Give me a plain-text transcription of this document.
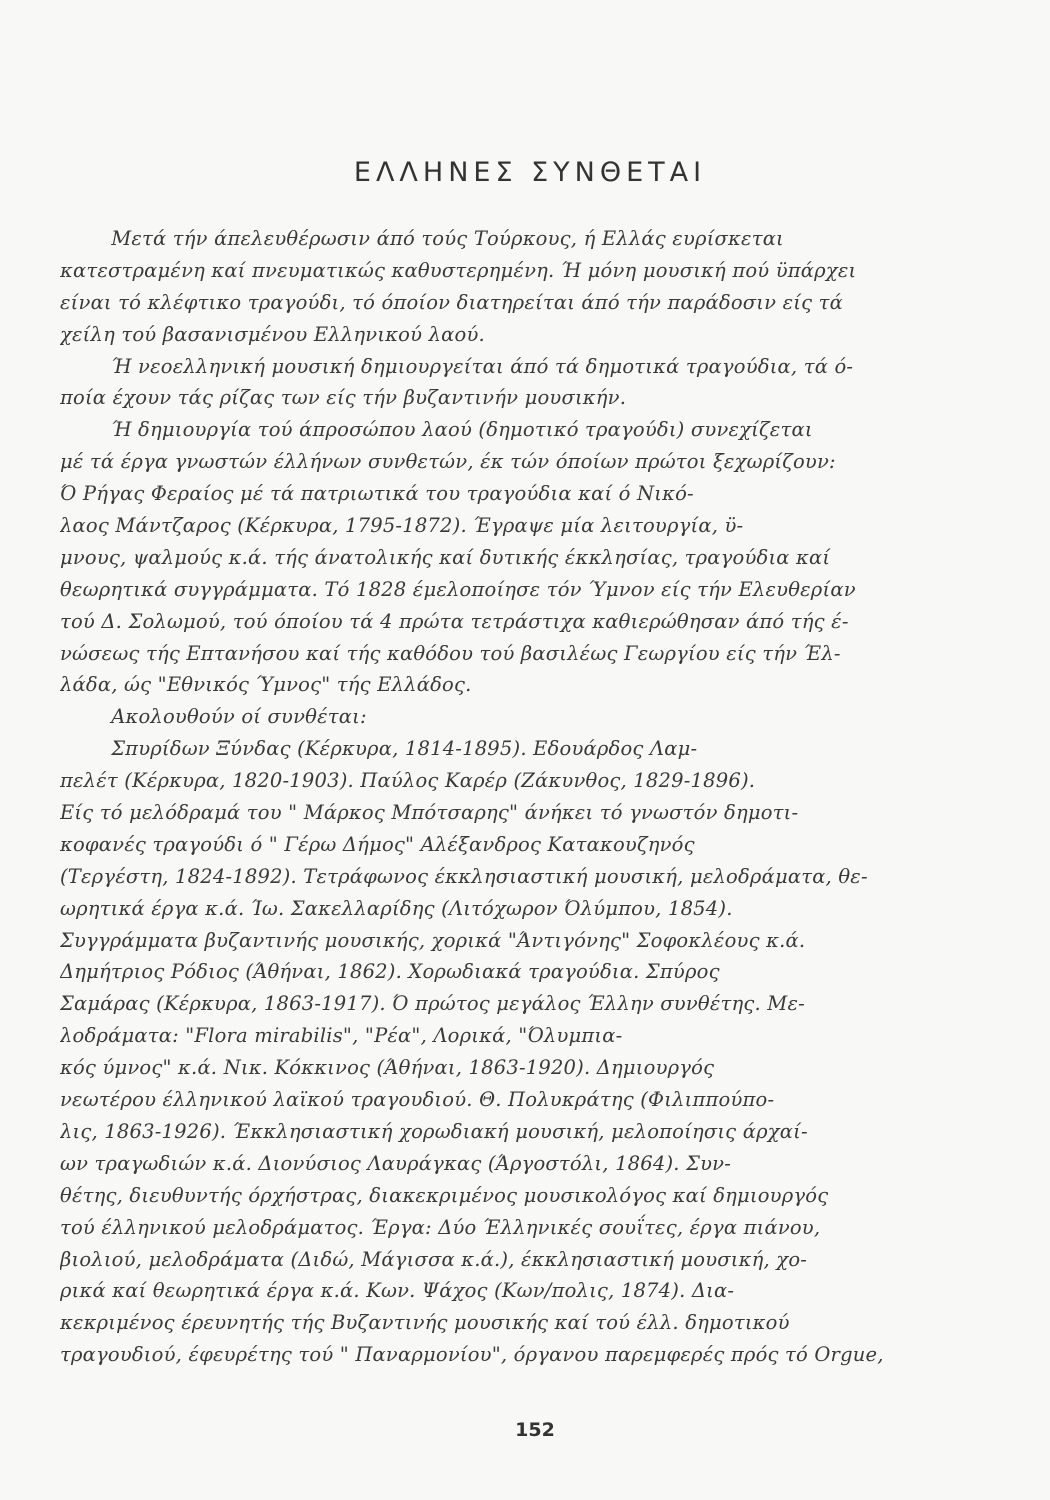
ΕΛΛΗΝΕΣ ΣΥΝΘΕΤΑΙ
Μετά τήν άπελευθέρωσιν άπό τούς Τούρκους, ή Ελλάς ευρίσκεται
κατεστραμένη καί πνευματικώς καθυστερημένη. Ή μόνη μουσική πού ϋπάρχει
είναι τό κλέφτικο τραγούδι, τό όποίον διατηρείται άπό τήν παράδοσιν είς τά
χείλη τού βασανισμένου Ελληνικού λαού.
Ή νεοελληνική μουσική δημιουργείται άπό τά δημοτικά τραγούδια, τά ό-
ποία έχουν τάς ρίζας των είς τήν βυζαντινήν μουσικήν.
Ή δημιουργία τού άπροσώπου λαού (δημοτικό τραγούδι) συνεχίζεται
μέ τά έργα γνωστών έλλήνων συνθετών, έκ τών όποίων πρώτοι ξεχωρίζουν:
Ό Ρήγας Φεραίος μέ τά πατριωτικά του τραγούδια καί ό Νικό-
λαος Μάντζαρος (Κέρκυρα, 1795-1872). Έγραψε μία λειτουργία, ϋ-
μνους, ψαλμούς κ.ά. τής άνατολικής καί δυτικής έκκλησίας, τραγούδια καί
θεωρητικά συγγράμματα. Τό 1828 έμελοποίησε τόν Ύμνον είς τήν Ελευθερίαν
τού Δ. Σολωμού, τού όποίου τά 4 πρώτα τετράστιχα καθιερώθησαν άπό τής έ-
νώσεως τής Επτανήσου καί τής καθόδου τού βασιλέως Γεωργίου είς τήν Έλ-
λάδα, ώς "Εθνικός Ύμνος" τής Ελλάδος.
Ακολουθούν οί συνθέται:
Σπυρίδων Ξύνδας (Κέρκυρα, 1814-1895). Εδουάρδος Λαμ-
πελέτ (Κέρκυρα, 1820-1903). Παύλος Καρέρ (Ζάκυνθος, 1829-1896).
Είς τό μελόδραμά του " Μάρκος Μπότσαρης" άνήκει τό γνωστόν δημοτι-
κοφανές τραγούδι ό " Γέρω Δήμος" Αλέξανδρος Κατακουζηνός
(Τεργέστη, 1824-1892). Τετράφωνος έκκλησιαστική μουσική, μελοδράματα, θε-
ωρητικά έργα κ.ά. Ίω. Σακελλαρίδης (Λιτόχωρον Όλύμπου, 1854).
Συγγράμματα βυζαντινής μουσικής, χορικά "Άντιγόνης" Σοφοκλέους κ.ά.
Δημήτριος Ρόδιος (Άθήναι, 1862). Χορωδιακά τραγούδια. Σπύρος
Σαμάρας (Κέρκυρα, 1863-1917). Ό πρώτος μεγάλος Έλλην συνθέτης. Με-
λοδράματα: "Flora mirabilis", "Ρέα", Λορικά, "Όλυμπια-
κός ύμνος" κ.ά. Νικ. Κόκκινος (Άθήναι, 1863-1920). Δημιουργός
νεωτέρου έλληνικού λαϊκού τραγουδιού. Θ. Πολυκράτης (Φιλιππούπο-
λις, 1863-1926). Έκκλησιαστική χορωδιακή μουσική, μελοποίησις άρχαί-
ων τραγωδιών κ.ά. Διονύσιος Λαυράγκας (Άργοστόλι, 1864). Συν-
θέτης, διευθυντής όρχήστρας, διακεκριμένος μουσικολόγος καί δημιουργός
τού έλληνικού μελοδράματος. Έργα: Δύο Έλληνικές σουΐτες, έργα πιάνου,
βιολιού, μελοδράματα (Διδώ, Μάγισσα κ.ά.), έκκλησιαστική μουσική, χο-
ρικά καί θεωρητικά έργα κ.ά. Κων. Ψάχος (Κων/πολις, 1874). Δια-
κεκριμένος έρευνητής τής Βυζαντινής μουσικής καί τού έλλ. δημοτικού
τραγουδιού, έφευρέτης τού " Παναρμονίου", όργανου παρεμφερές πρός τό Orgue,
152
